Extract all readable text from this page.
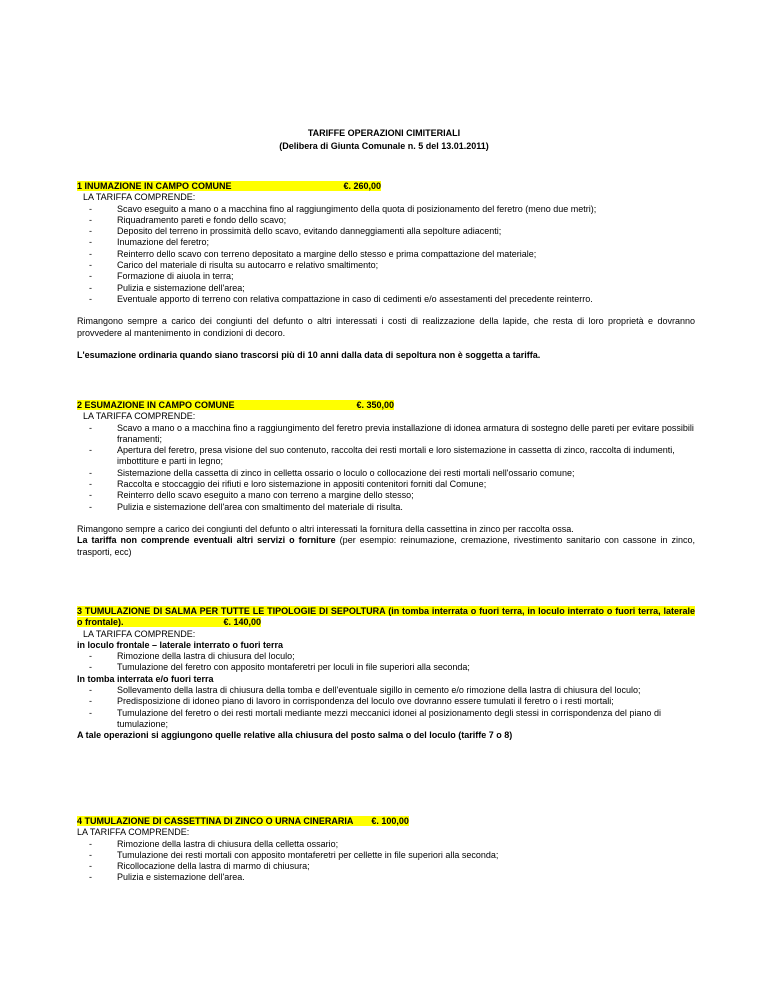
TARIFFE OPERAZIONI CIMITERIALI
(Delibera di Giunta Comunale n. 5 del 13.01.2011)
1 INUMAZIONE IN CAMPO COMUNE	€. 260,00
LA TARIFFA COMPRENDE:
- Scavo eseguito a mano o a macchina fino al raggiungimento della quota di posizionamento del feretro (meno due metri);
- Riquadramento pareti e fondo dello scavo;
- Deposito del terreno in prossimità dello scavo, evitando danneggiamenti alla sepolture adiacenti;
- Inumazione del feretro;
- Reinterro dello scavo con terreno depositato a margine dello stesso e prima compattazione del materiale;
- Carico del materiale di risulta su autocarro e relativo smaltimento;
- Formazione di aiuola in terra;
- Pulizia e sistemazione dell'area;
- Eventuale apporto di terreno con relativa compattazione in caso di cedimenti e/o assestamenti del precedente reinterro.

Rimangono sempre a carico dei congiunti del defunto o altri interessati i costi di realizzazione della lapide, che resta di loro proprietà e dovranno provvedere al mantenimento in condizioni di decoro.

L'esumazione ordinaria quando siano trascorsi più di 10 anni dalla data di sepoltura non è soggetta a tariffa.

2 ESUMAZIONE IN CAMPO COMUNE	€. 350,00
LA TARIFFA COMPRENDE:
- Scavo a mano o a macchina fino a raggiungimento del feretro previa installazione di idonea armatura di sostegno delle pareti per evitare possibili franamenti;
- Apertura del feretro, presa visione del suo contenuto, raccolta dei resti mortali e loro sistemazione in cassetta di zinco, raccolta di indumenti, imbottiture e parti in legno;
- Sistemazione della cassetta di zinco in celletta ossario o loculo o collocazione dei resti mortali nell'ossario comune;
- Raccolta e stoccaggio dei rifiuti e loro sistemazione in appositi contenitori forniti dal Comune;
- Reinterro dello scavo eseguito a mano con terreno a margine dello stesso;
- Pulizia e sistemazione dell'area con smaltimento del materiale di risulta.

Rimangono sempre a carico dei congiunti del defunto o altri interessati la fornitura della cassettina in zinco per raccolta ossa.
La tariffa non comprende eventuali altri servizi o forniture (per esempio: reinumazione, cremazione, rivestimento sanitario con cassone in zinco, trasporti, ecc)

3 TUMULAZIONE DI SALMA PER TUTTE LE TIPOLOGIE DI SEPOLTURA (in tomba interrata o fuori terra, in loculo interrato o fuori terra, laterale o frontale).	€. 140,00
LA TARIFFA COMPRENDE:
in loculo frontale – laterale interrato o fuori terra
- Rimozione della lastra di chiusura del loculo;
- Tumulazione del feretro con apposito montaferetri per loculi in file superiori alla seconda;
In tomba interrata e/o fuori terra
- Sollevamento della lastra di chiusura della tomba e dell'eventuale sigillo in cemento e/o rimozione della lastra di chiusura del loculo;
- Predisposizione di idoneo piano di lavoro in corrispondenza del loculo ove dovranno essere tumulati il feretro o i resti mortali;
- Tumulazione del feretro o dei resti mortali mediante mezzi meccanici idonei al posizionamento degli stessi in corrispondenza del piano di tumulazione;
A tale operazioni si aggiungono quelle relative alla chiusura del posto salma o del loculo (tariffe 7 o 8)
4 TUMULAZIONE DI CASSETTINA DI ZINCO O URNA CINERARIA €. 100,00
LA TARIFFA COMPRENDE:
- Rimozione della lastra di chiusura della celletta ossario;
- Tumulazione dei resti mortali con apposito montaferetri per cellette in file superiori alla seconda;
- Ricollocazione della lastra di marmo di chiusura;
- Pulizia e sistemazione dell'area.
